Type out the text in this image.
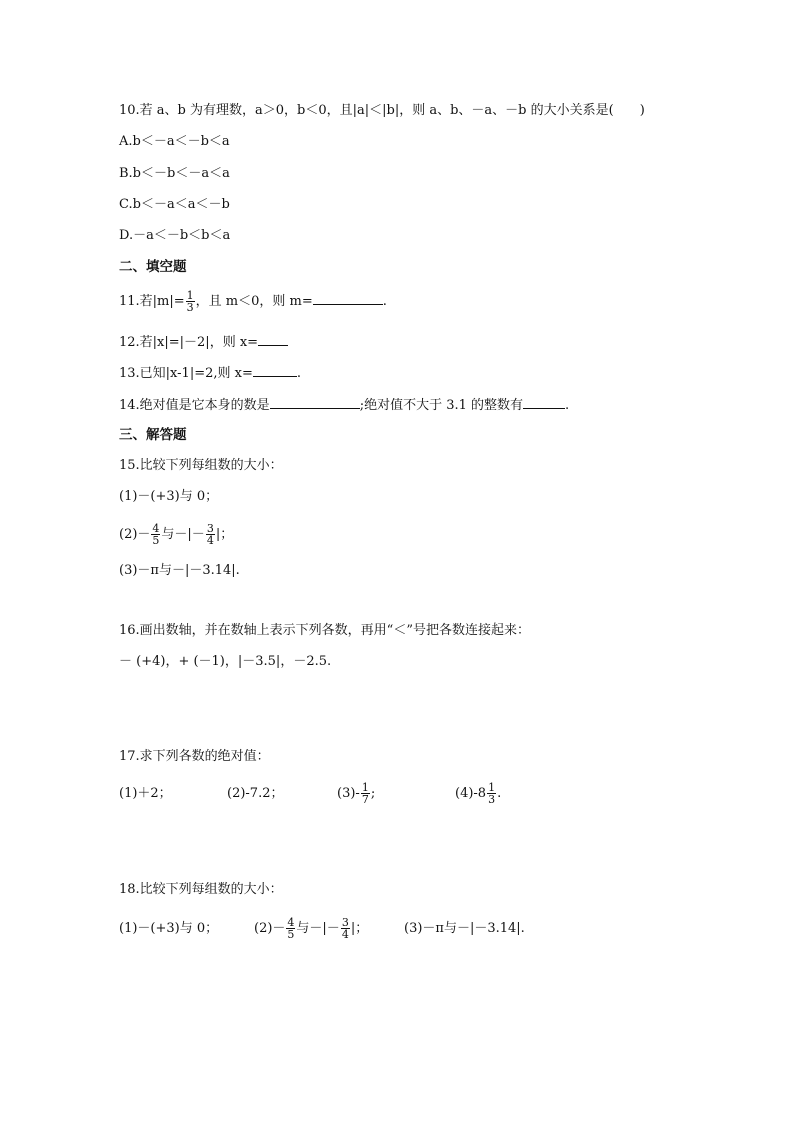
10.若 a、b 为有理数，a＞0，b＜0，且|a|＜|b|，则 a、b、－a、－b 的大小关系是(　　)
A.b＜－a＜－b＜a
B.b＜－b＜－a＜a
C.b＜－a＜a＜－b
D.－a＜－b＜b＜a
二、填空题
11.若$|m|= \frac{1}{3}$ ，且 m＜0，则 m=	.
12.若|x|=|－2|，则 x=
13.已知|x-1|=2,则 x=	.
14.绝对值是它本身的数是	;绝对值不大于 3.1 的整数有	.
三、解答题
15.比较下列每组数的大小：
(1)－(+3)与 0；
$(2)- \frac{4}{5}$ 与－|－ $\frac{3}{4}$ |；
(3)－π与－|－3.14|.
16.画出数轴，并在数轴上表示下列各数，再用“＜”号把各数连接起来：
－ (+4)，+ (－1)，|－3.5|，－2.5.
17.求下列各数的绝对值：
(1)＋2；	(2)-7.2；	$(3)- \frac{1}{7}$ ;	$(4)-8 \frac{1}{3}$ .
18.比较下列每组数的大小：
(1)－(+3)与 0；	$(2)- \frac{4}{5}$ 与－|－ $\frac{3}{4}$ |；	(3)－π与－|－3.14|.
